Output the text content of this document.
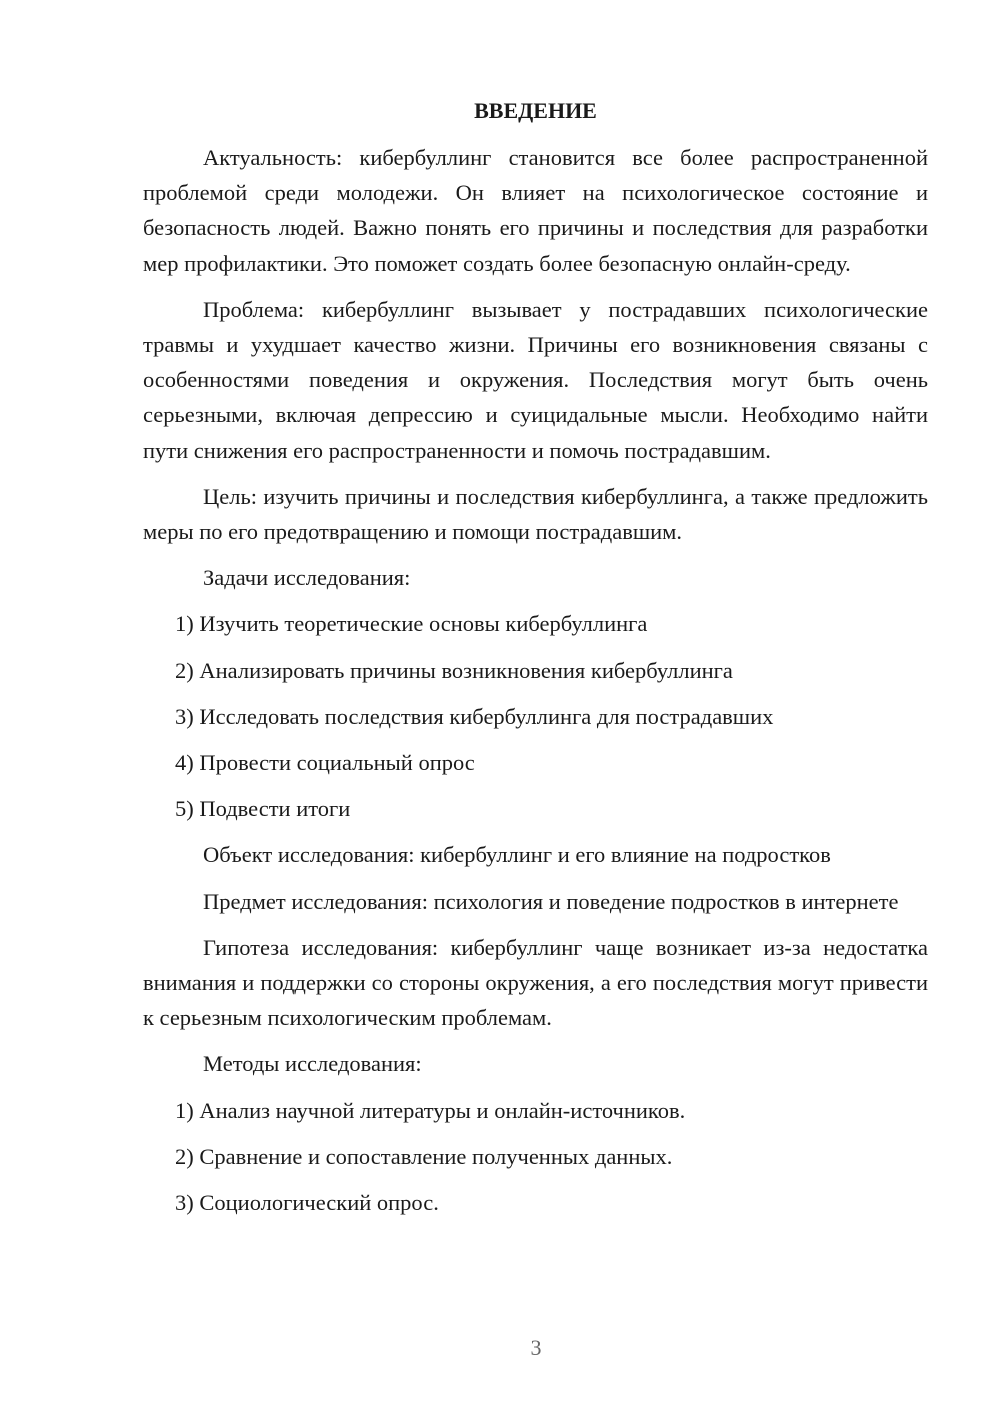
ВВЕДЕНИЕ

Актуальность: кибербуллинг становится все более распространенной проблемой среди молодежи. Он влияет на психологическое состояние и безопасность людей. Важно понять его причины и последствия для разработки мер профилактики. Это поможет создать более безопасную онлайн-среду.

Проблема: кибербуллинг вызывает у пострадавших психологические травмы и ухудшает качество жизни. Причины его возникновения связаны с особенностями поведения и окружения. Последствия могут быть очень серьезными, включая депрессию и суицидальные мысли. Необходимо найти пути снижения его распространенности и помочь пострадавшим.

Цель: изучить причины и последствия кибербуллинга, а также предложить меры по его предотвращению и помощи пострадавшим.

Задачи исследования:

1) Изучить теоретические основы кибербуллинга

2) Анализировать причины возникновения кибербуллинга

3) Исследовать последствия кибербуллинга для пострадавших

4) Провести социальный опрос

5) Подвести итоги

Объект исследования: кибербуллинг и его влияние на подростков

Предмет исследования: психология и поведение подростков в интернете

Гипотеза исследования: кибербуллинг чаще возникает из-за недостатка внимания и поддержки со стороны окружения, а его последствия могут привести к серьезным психологическим проблемам.

Методы исследования:

1) Анализ научной литературы и онлайн-источников.

2) Сравнение и сопоставление полученных данных.

3) Социологический опрос.

3
